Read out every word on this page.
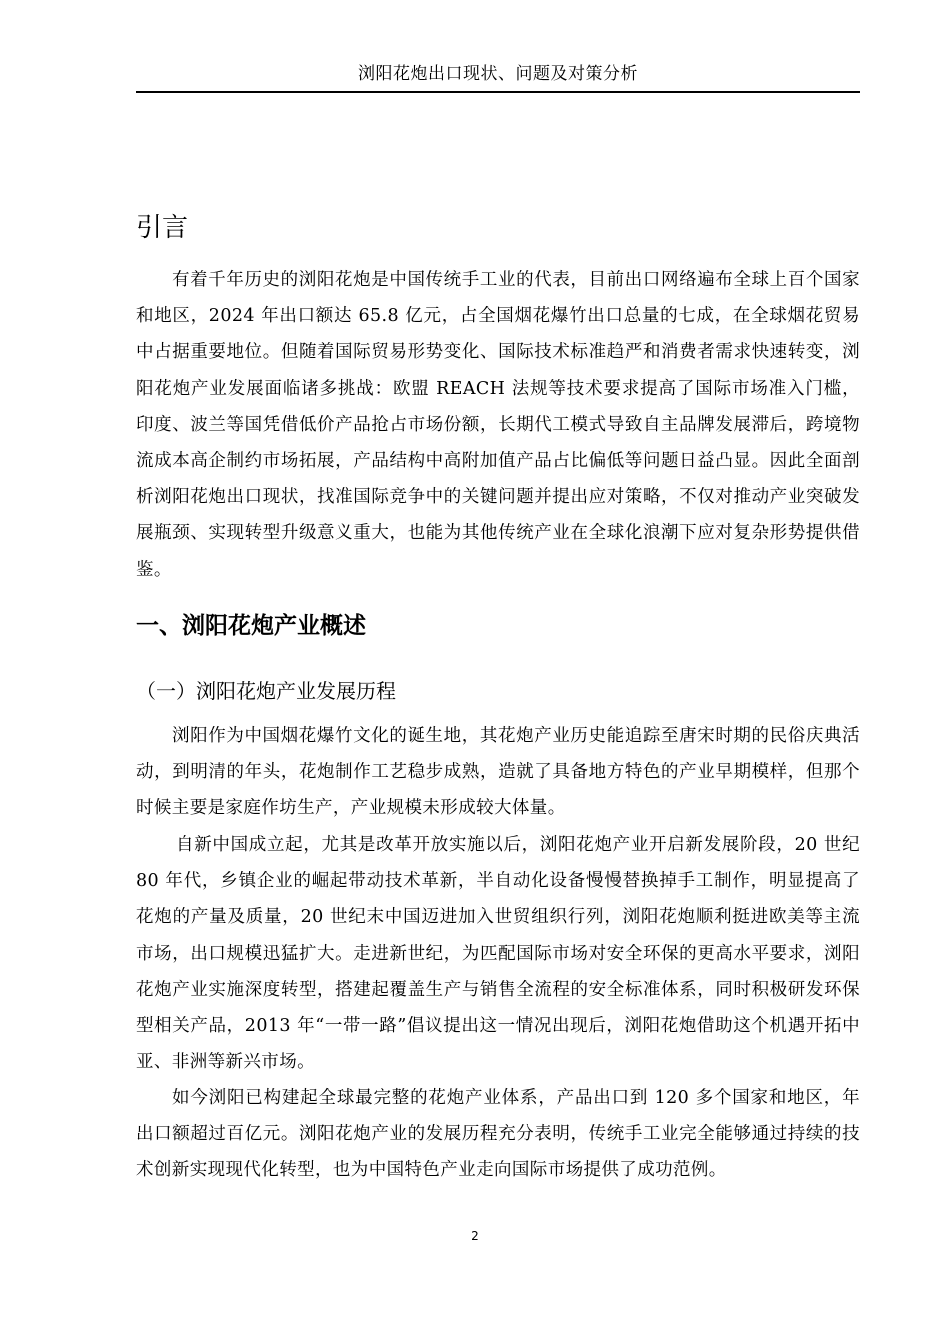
浏阳花炮出口现状、问题及对策分析
引言

有着千年历史的浏阳花炮是中国传统手工业的代表，目前出口网络遍布全球上百个国家和地区，2024 年出口额达 65.8 亿元，占全国烟花爆竹出口总量的七成，在全球烟花贸易中占据重要地位。但随着国际贸易形势变化、国际技术标准趋严和消费者需求快速转变，浏阳花炮产业发展面临诸多挑战：欧盟 REACH 法规等技术要求提高了国际市场准入门槛，印度、波兰等国凭借低价产品抢占市场份额，长期代工模式导致自主品牌发展滞后，跨境物流成本高企制约市场拓展，产品结构中高附加值产品占比偏低等问题日益凸显。因此全面剖析浏阳花炮出口现状，找准国际竞争中的关键问题并提出应对策略，不仅对推动产业突破发展瓶颈、实现转型升级意义重大，也能为其他传统产业在全球化浪潮下应对复杂形势提供借鉴。

一、浏阳花炮产业概述
（一）浏阳花炮产业发展历程

浏阳作为中国烟花爆竹文化的诞生地，其花炮产业历史能追踪至唐宋时期的民俗庆典活动，到明清的年头，花炮制作工艺稳步成熟，造就了具备地方特色的产业早期模样，但那个时候主要是家庭作坊生产，产业规模未形成较大体量。

自新中国成立起，尤其是改革开放实施以后，浏阳花炮产业开启新发展阶段，20 世纪 80 年代，乡镇企业的崛起带动技术革新，半自动化设备慢慢替换掉手工制作，明显提高了花炮的产量及质量，20 世纪末中国迈进加入世贸组织行列，浏阳花炮顺利挺进欧美等主流市场，出口规模迅猛扩大。走进新世纪，为匹配国际市场对安全环保的更高水平要求，浏阳花炮产业实施深度转型，搭建起覆盖生产与销售全流程的安全标准体系，同时积极研发环保型相关产品，2013 年“一带一路”倡议提出这一情况出现后，浏阳花炮借助这个机遇开拓中亚、非洲等新兴市场。

如今浏阳已构建起全球最完整的花炮产业体系，产品出口到 120 多个国家和地区，年出口额超过百亿元。浏阳花炮产业的发展历程充分表明，传统手工业完全能够通过持续的技术创新实现现代化转型，也为中国特色产业走向国际市场提供了成功范例。

2
